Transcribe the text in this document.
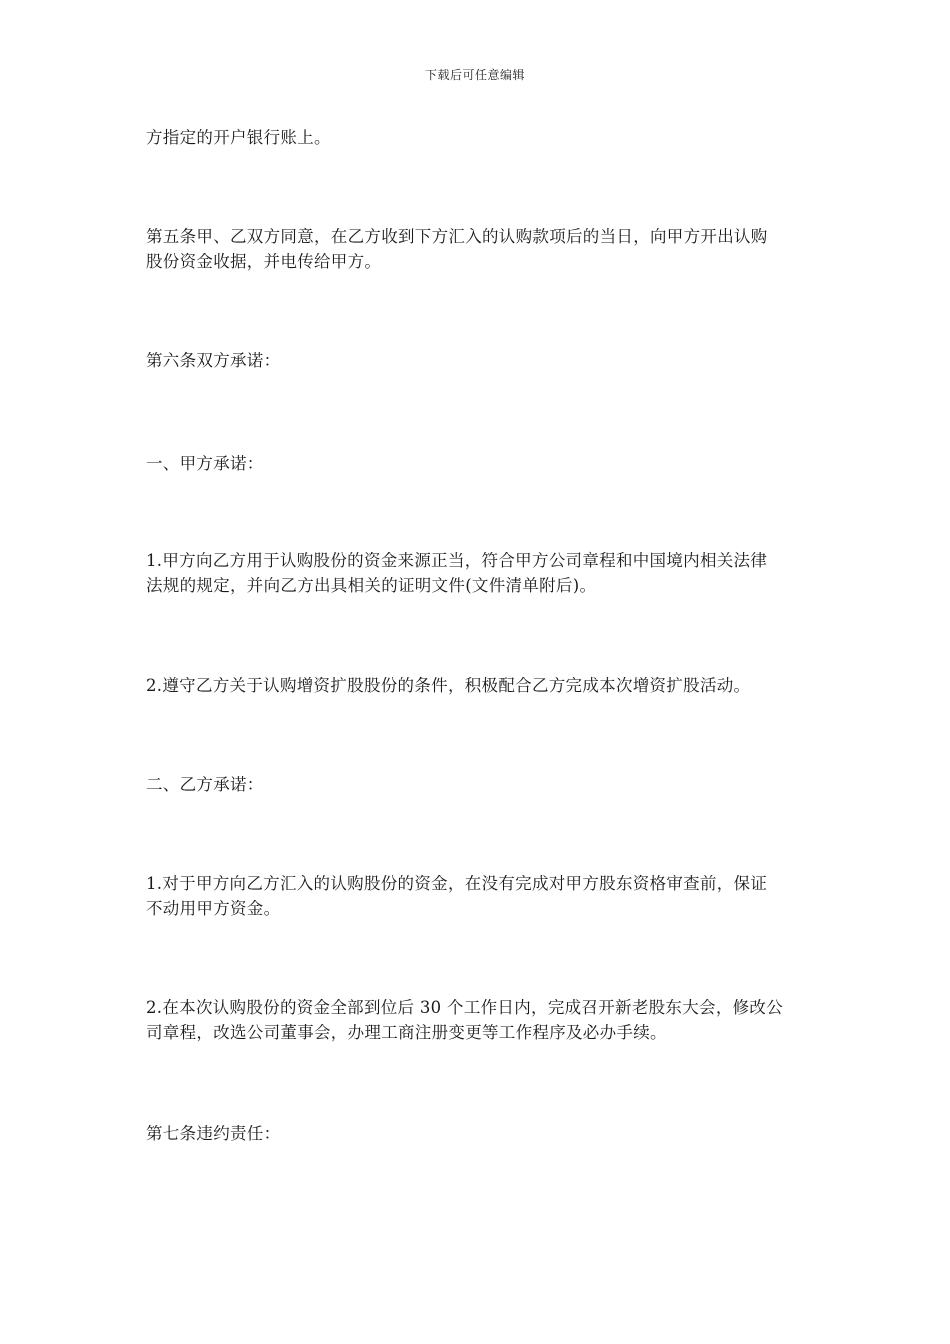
下载后可任意编辑
方指定的开户银行账上。
第五条甲、乙双方同意，在乙方收到下方汇入的认购款项后的当日，向甲方开出认购
股份资金收据，并电传给甲方。
第六条双方承诺：
一、甲方承诺：
1.甲方向乙方用于认购股份的资金来源正当，符合甲方公司章程和中国境内相关法律
法规的规定，并向乙方出具相关的证明文件(文件清单附后)。
2.遵守乙方关于认购增资扩股股份的条件，积极配合乙方完成本次增资扩股活动。
二、乙方承诺：
1.对于甲方向乙方汇入的认购股份的资金，在没有完成对甲方股东资格审查前，保证
不动用甲方资金。
2.在本次认购股份的资金全部到位后 30 个工作日内，完成召开新老股东大会，修改公
司章程，改选公司董事会，办理工商注册变更等工作程序及必办手续。
第七条违约责任：
